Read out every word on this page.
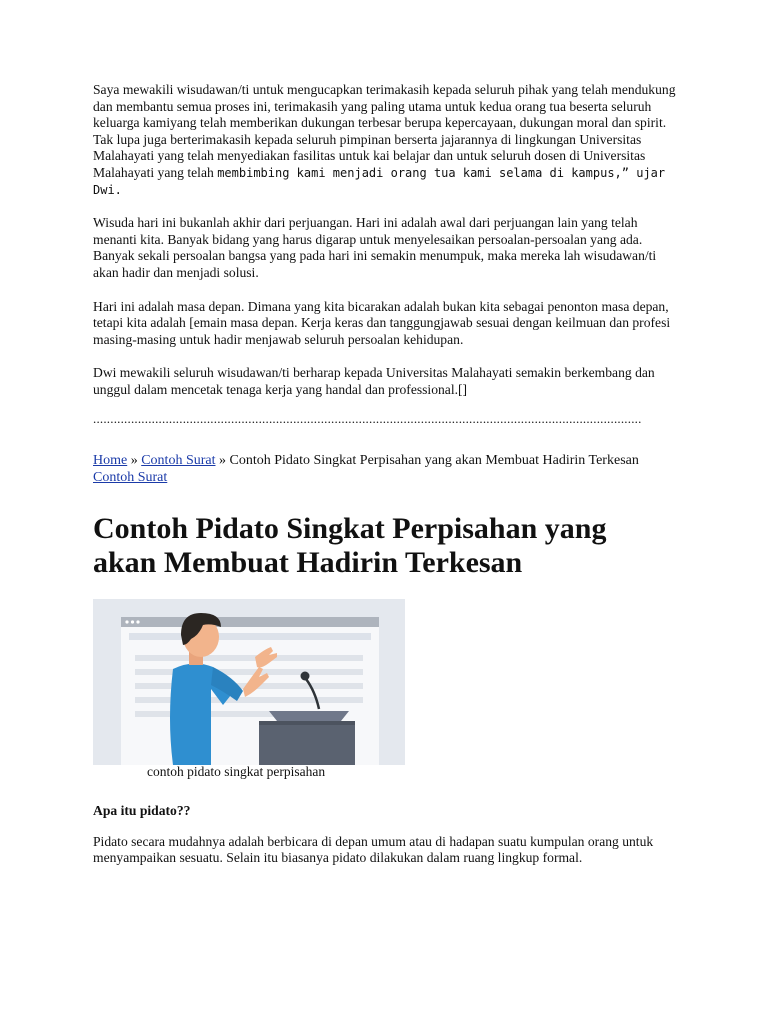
Saya mewakili wisudawan/ti untuk mengucapkan terimakasih kepada seluruh pihak yang telah mendukung dan membantu semua proses ini, terimakasih yang paling utama untuk kedua orang tua beserta seluruh keluarga kamiyang telah memberikan dukungan terbesar berupa kepercayaan, dukungan moral dan spirit. Tak lupa juga berterimakasih kepada seluruh pimpinan berserta jajarannya di lingkungan Universitas Malahayati yang telah menyediakan fasilitas untuk kai belajar dan untuk seluruh dosen di Universitas Malahayati yang telah membimbing kami menjadi orang tua kami selama di kampus,” ujar Dwi.

Wisuda hari ini bukanlah akhir dari perjuangan. Hari ini adalah awal dari perjuangan lain yang telah menanti kita. Banyak bidang yang harus digarap untuk menyelesaikan persoalan-persoalan yang ada. Banyak sekali persoalan bangsa yang pada hari ini semakin menumpuk, maka mereka lah wisudawan/ti akan hadir dan menjadi solusi.

Hari ini adalah masa depan. Dimana yang kita bicarakan adalah bukan kita sebagai penonton masa depan, tetapi kita adalah [emain masa depan. Kerja keras dan tanggungjawab sesuai dengan keilmuan dan profesi masing-masing untuk hadir menjawab seluruh persoalan kehidupan.

Dwi mewakili seluruh wisudawan/ti berharap kepada Universitas Malahayati semakin berkembang dan unggul dalam mencetak tenaga kerja yang handal dan professional.[]

...............................................................................................................................................................
Home » Contoh Surat » Contoh Pidato Singkat Perpisahan yang akan Membuat Hadirin Terkesan
Contoh Surat
Contoh Pidato Singkat Perpisahan yang akan Membuat Hadirin Terkesan
contoh pidato singkat perpisahan
Apa itu pidato??

Pidato secara mudahnya adalah berbicara di depan umum atau di hadapan suatu kumpulan orang untuk menyampaikan sesuatu. Selain itu biasanya pidato dilakukan dalam ruang lingkup formal.
